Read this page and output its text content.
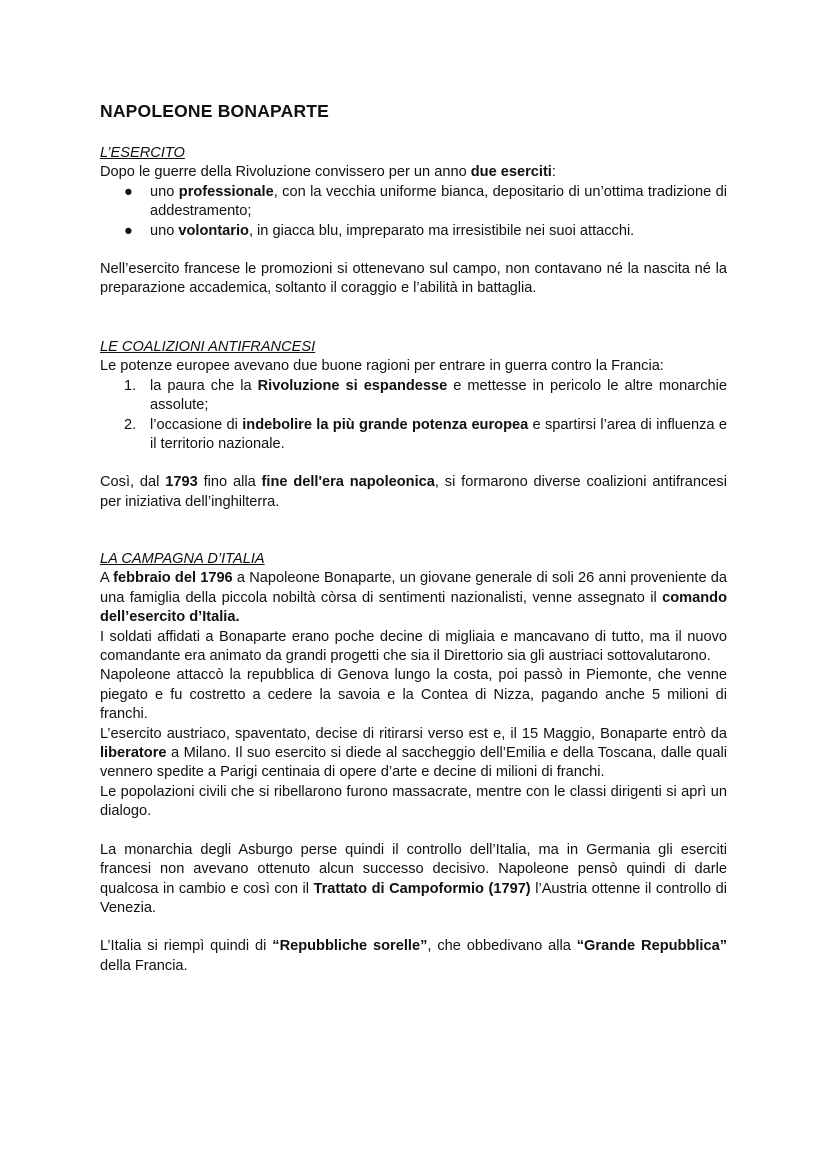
NAPOLEONE BONAPARTE
L’ESERCITO

Dopo le guerre della Rivoluzione convissero per un anno due eserciti:

● uno professionale, con la vecchia uniforme bianca, depositario di un’ottima tradizione di addestramento;
● uno volontario, in giacca blu, impreparato ma irresistibile nei suoi attacchi.

Nell’esercito francese le promozioni si ottenevano sul campo, non contavano né la nascita né la preparazione accademica, soltanto il coraggio e l’abilità in battaglia.

LE COALIZIONI ANTIFRANCESI

Le potenze europee avevano due buone ragioni per entrare in guerra contro la Francia:

1. la paura che la Rivoluzione si espandesse e mettesse in pericolo le altre monarchie assolute;
2. l’occasione di indebolire la più grande potenza europea e spartirsi l’area di influenza e il territorio nazionale.

Così, dal 1793 fino alla fine dell'era napoleonica, si formarono diverse coalizioni antifrancesi per iniziativa dell’inghilterra.

LA CAMPAGNA D’ITALIA

A febbraio del 1796 a Napoleone Bonaparte, un giovane generale di soli 26 anni proveniente da una famiglia della piccola nobiltà còrsa di sentimenti nazionalisti, venne assegnato il comando dell’esercito d’Italia.

I soldati affidati a Bonaparte erano poche decine di migliaia e mancavano di tutto, ma il nuovo comandante era animato da grandi progetti che sia il Direttorio sia gli austriaci sottovalutarono.

Napoleone attaccò la repubblica di Genova lungo la costa, poi passò in Piemonte, che venne piegato e fu costretto a cedere la savoia e la Contea di Nizza, pagando anche 5 milioni di franchi.

L’esercito austriaco, spaventato, decise di ritirarsi verso est e, il 15 Maggio, Bonaparte entrò da liberatore a Milano. Il suo esercito si diede al saccheggio dell’Emilia e della Toscana, dalle quali vennero spedite a Parigi centinaia di opere d’arte e decine di milioni di franchi.

Le popolazioni civili che si ribellarono furono massacrate, mentre con le classi dirigenti si aprì un dialogo.

La monarchia degli Asburgo perse quindi il controllo dell’Italia, ma in Germania gli eserciti francesi non avevano ottenuto alcun successo decisivo. Napoleone pensò quindi di darle qualcosa in cambio e così con il Trattato di Campoformio (1797) l’Austria ottenne il controllo di Venezia.

L’Italia si riempì quindi di “Repubbliche sorelle”, che obbedivano alla “Grande Repubblica” della Francia.
